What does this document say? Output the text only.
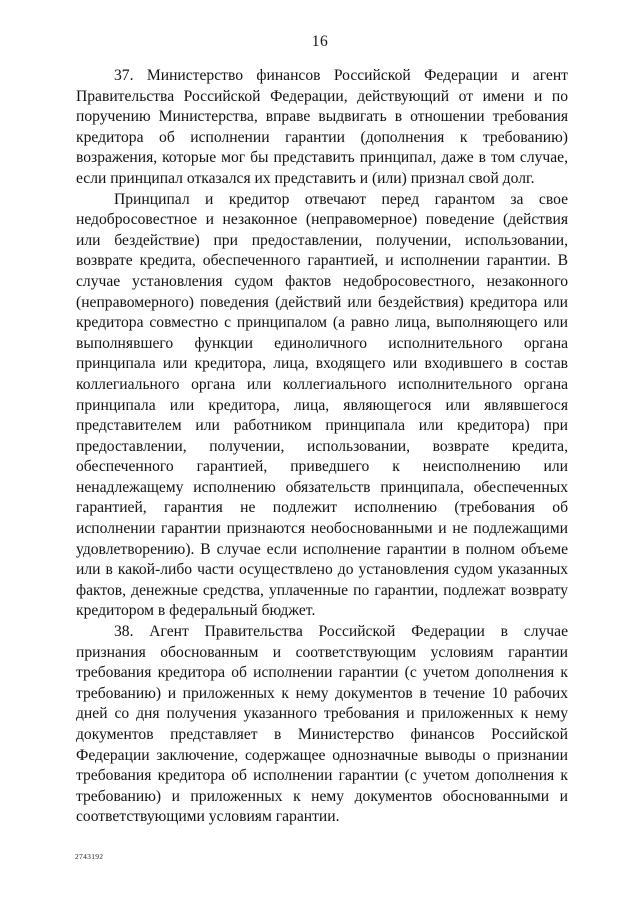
16

37. Министерство финансов Российской Федерации и агент Правительства Российской Федерации, действующий от имени и по поручению Министерства, вправе выдвигать в отношении требования кредитора об исполнении гарантии (дополнения к требованию) возражения, которые мог бы представить принципал, даже в том случае, если принципал отказался их представить и (или) признал свой долг.

Принципал и кредитор отвечают перед гарантом за свое недобросовестное и незаконное (неправомерное) поведение (действия или бездействие) при предоставлении, получении, использовании, возврате кредита, обеспеченного гарантией, и исполнении гарантии. В случае установления судом фактов недобросовестного, незаконного (неправомерного) поведения (действий или бездействия) кредитора или кредитора совместно с принципалом (а равно лица, выполняющего или выполнявшего функции единоличного исполнительного органа принципала или кредитора, лица, входящего или входившего в состав коллегиального органа или коллегиального исполнительного органа принципала или кредитора, лица, являющегося или являвшегося представителем или работником принципала или кредитора) при предоставлении, получении, использовании, возврате кредита, обеспеченного гарантией, приведшего к неисполнению или ненадлежащему исполнению обязательств принципала, обеспеченных гарантией, гарантия не подлежит исполнению (требования об исполнении гарантии признаются необоснованными и не подлежащими удовлетворению). В случае если исполнение гарантии в полном объеме или в какой-либо части осуществлено до установления судом указанных фактов, денежные средства, уплаченные по гарантии, подлежат возврату кредитором в федеральный бюджет.

38. Агент Правительства Российской Федерации в случае признания обоснованным и соответствующим условиям гарантии требования кредитора об исполнении гарантии (с учетом дополнения к требованию) и приложенных к нему документов в течение 10 рабочих дней со дня получения указанного требования и приложенных к нему документов представляет в Министерство финансов Российской Федерации заключение, содержащее однозначные выводы о признании требования кредитора об исполнении гарантии (с учетом дополнения к требованию) и приложенных к нему документов обоснованными и соответствующими условиям гарантии.

2743192
